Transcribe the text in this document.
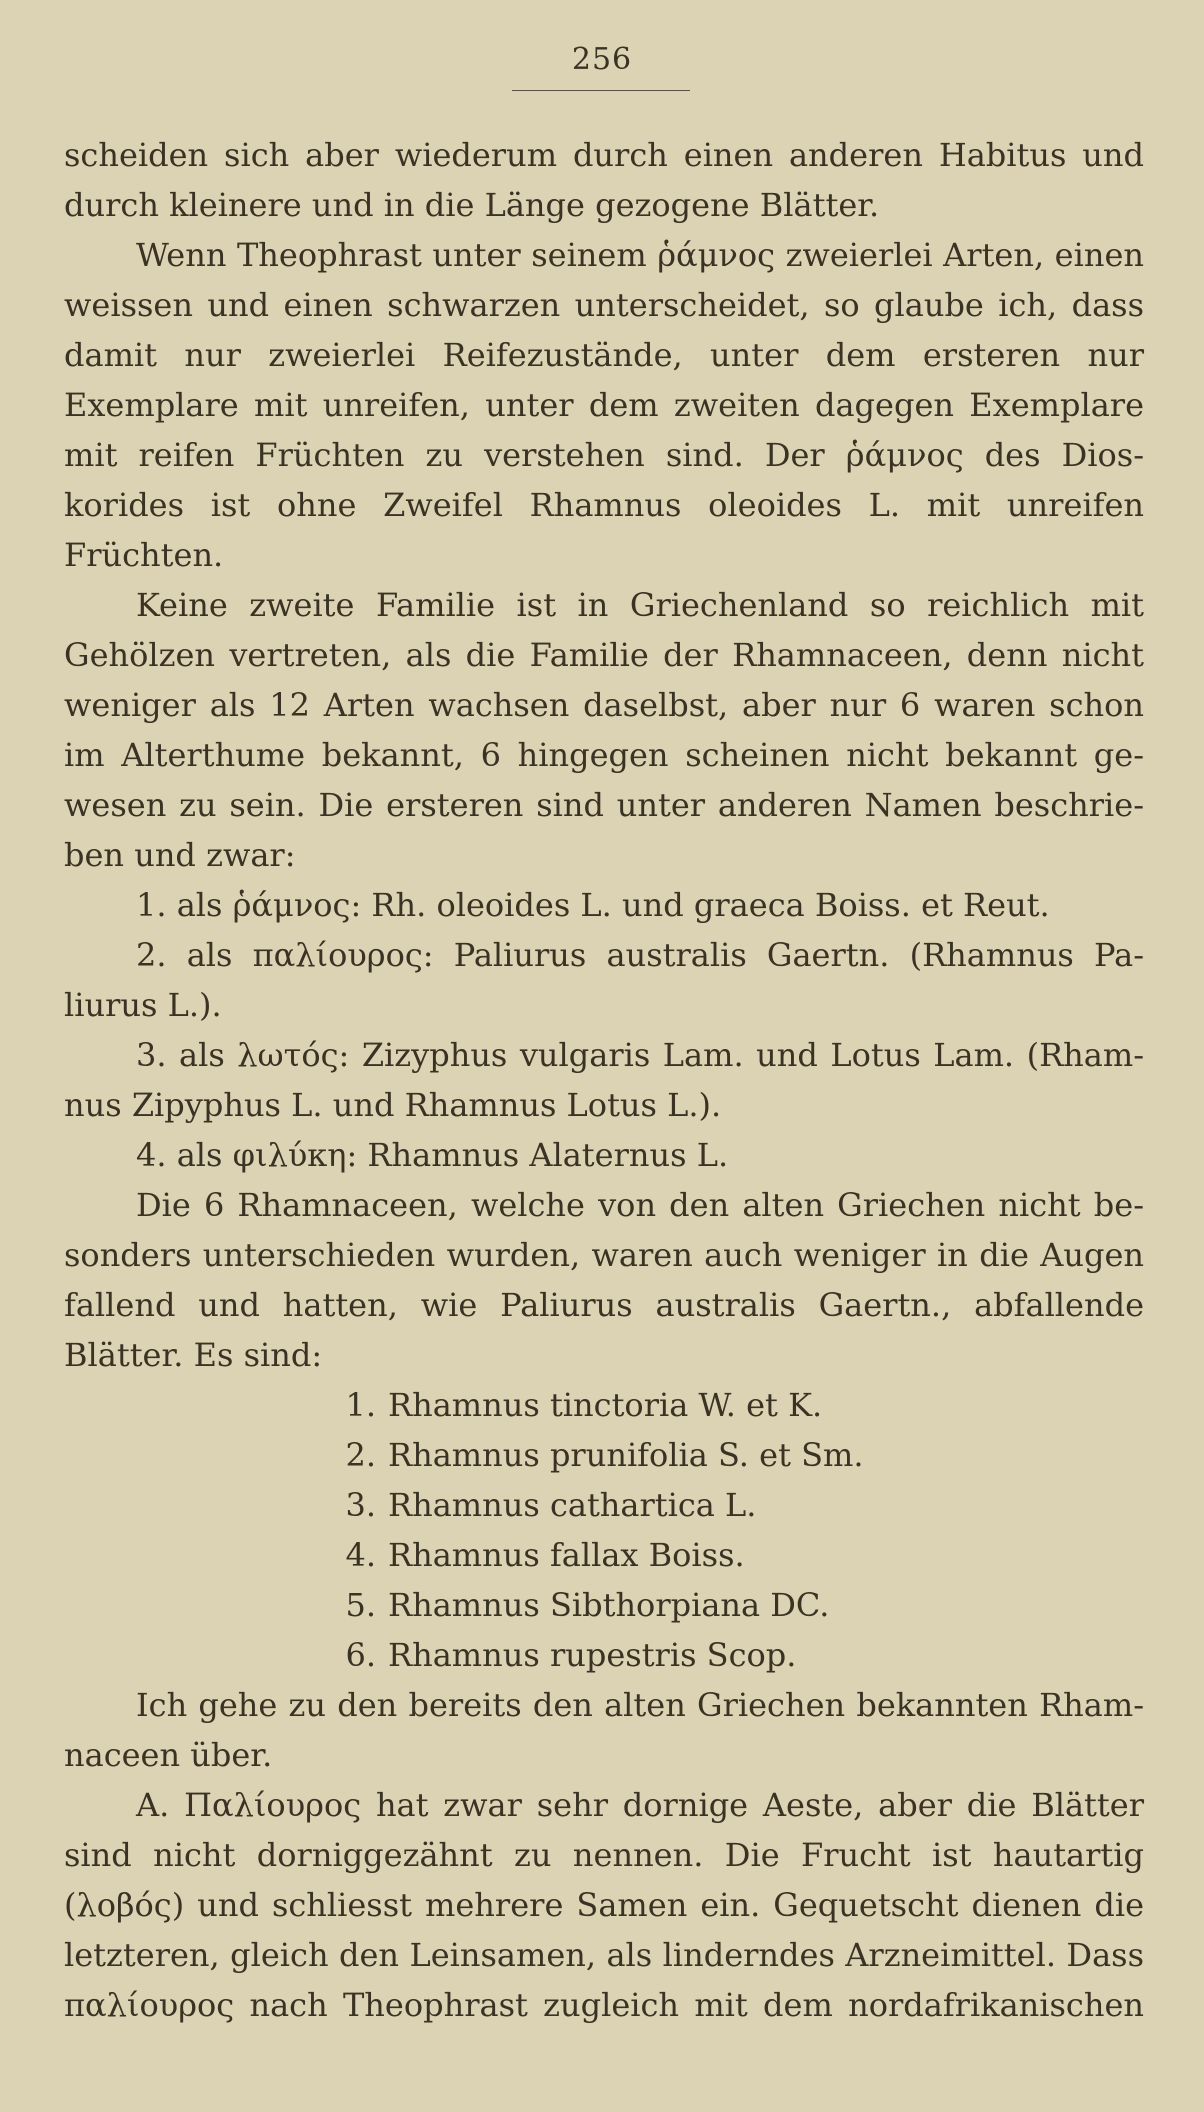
256
scheiden sich aber wiederum durch einen anderen Habitus und
durch kleinere und in die Länge gezogene Blätter.
Wenn Theophrast unter seinem ῥάμνος zweierlei Arten, einen
weissen und einen schwarzen unterscheidet, so glaube ich, dass
damit nur zweierlei Reifezustände, unter dem ersteren nur
Exemplare mit unreifen, unter dem zweiten dagegen Exemplare
mit reifen Früchten zu verstehen sind. Der ῥάμνος des Dios-
korides ist ohne Zweifel Rhamnus oleoides L. mit unreifen
Früchten.
Keine zweite Familie ist in Griechenland so reichlich mit
Gehölzen vertreten, als die Familie der Rhamnaceen, denn nicht
weniger als 12 Arten wachsen daselbst, aber nur 6 waren schon
im Alterthume bekannt, 6 hingegen scheinen nicht bekannt ge-
wesen zu sein. Die ersteren sind unter anderen Namen beschrie-
ben und zwar:
1. als ῥάμνος: Rh. oleoides L. und graeca Boiss. et Reut.
2. als παλίουρος: Paliurus australis Gaertn. (Rhamnus Pa-
liurus L.).
3. als λωτός: Zizyphus vulgaris Lam. und Lotus Lam. (Rham-
nus Zipyphus L. und Rhamnus Lotus L.).
4. als φιλύκη: Rhamnus Alaternus L.
Die 6 Rhamnaceen, welche von den alten Griechen nicht be-
sonders unterschieden wurden, waren auch weniger in die Augen
fallend und hatten, wie Paliurus australis Gaertn., abfallende
Blätter. Es sind:
1. Rhamnus tinctoria W. et K.
2. Rhamnus prunifolia S. et Sm.
3. Rhamnus cathartica L.
4. Rhamnus fallax Boiss.
5. Rhamnus Sibthorpiana DC.
6. Rhamnus rupestris Scop.
Ich gehe zu den bereits den alten Griechen bekannten Rham-
naceen über.
A. Παλίουρος hat zwar sehr dornige Aeste, aber die Blätter
sind nicht dorniggezähnt zu nennen. Die Frucht ist hautartig
(λοβός) und schliesst mehrere Samen ein. Gequetscht dienen die
letzteren, gleich den Leinsamen, als linderndes Arzneimittel. Dass
παλίουρος nach Theophrast zugleich mit dem nordafrikanischen
